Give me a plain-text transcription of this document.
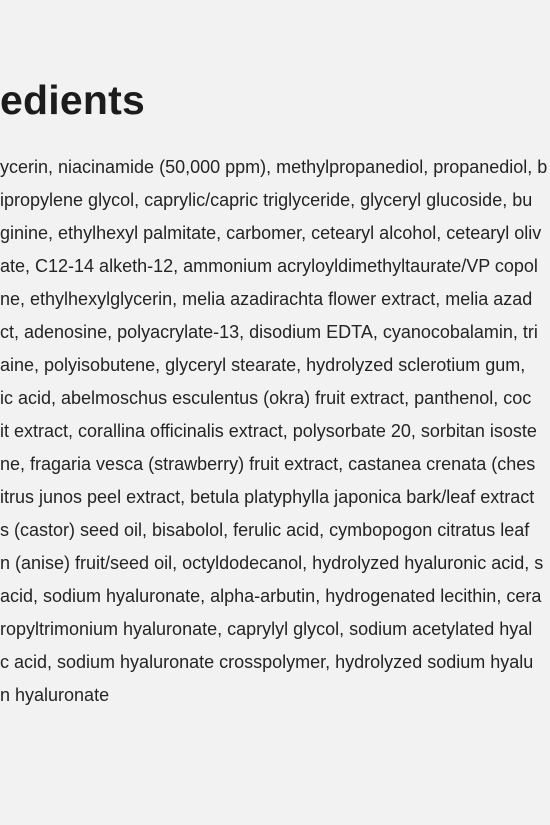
edients
ycerin, niacinamide (50,000 ppm), methylpropanediol, propanediol, b
ipropylene glycol, caprylic/capric triglyceride, glyceryl glucoside, bu
ginine, ethylhexyl palmitate, carbomer, cetearyl alcohol, cetearyl oliv
ate, C12-14 alketh-12, ammonium acryloyldimethyltaurate/VP copol
ne, ethylhexylglycerin, melia azadirachta flower extract, melia azad
ct, adenosine, polyacrylate-13, disodium EDTA, cyanocobalamin, tri
aine, polyisobutene, glyceryl stearate, hydrolyzed sclerotium gum,
ic acid, abelmoschus esculentus (okra) fruit extract, panthenol, coc
it extract, corallina officinalis extract, polysorbate 20, sorbitan isoste
ne, fragaria vesca (strawberry) fruit extract, castanea crenata (ches
itrus junos peel extract, betula platyphylla japonica bark/leaf extract
s (castor) seed oil, bisabolol, ferulic acid, cymbopogon citratus leaf
n (anise) fruit/seed oil, octyldodecanol, hydrolyzed hyaluronic acid, s
acid, sodium hyaluronate, alpha-arbutin, hydrogenated lecithin, cera
ropyltrimonium hyaluronate, caprylyl glycol, sodium acetylated hyal
c acid, sodium hyaluronate crosspolymer, hydrolyzed sodium hyalu
n hyaluronate
